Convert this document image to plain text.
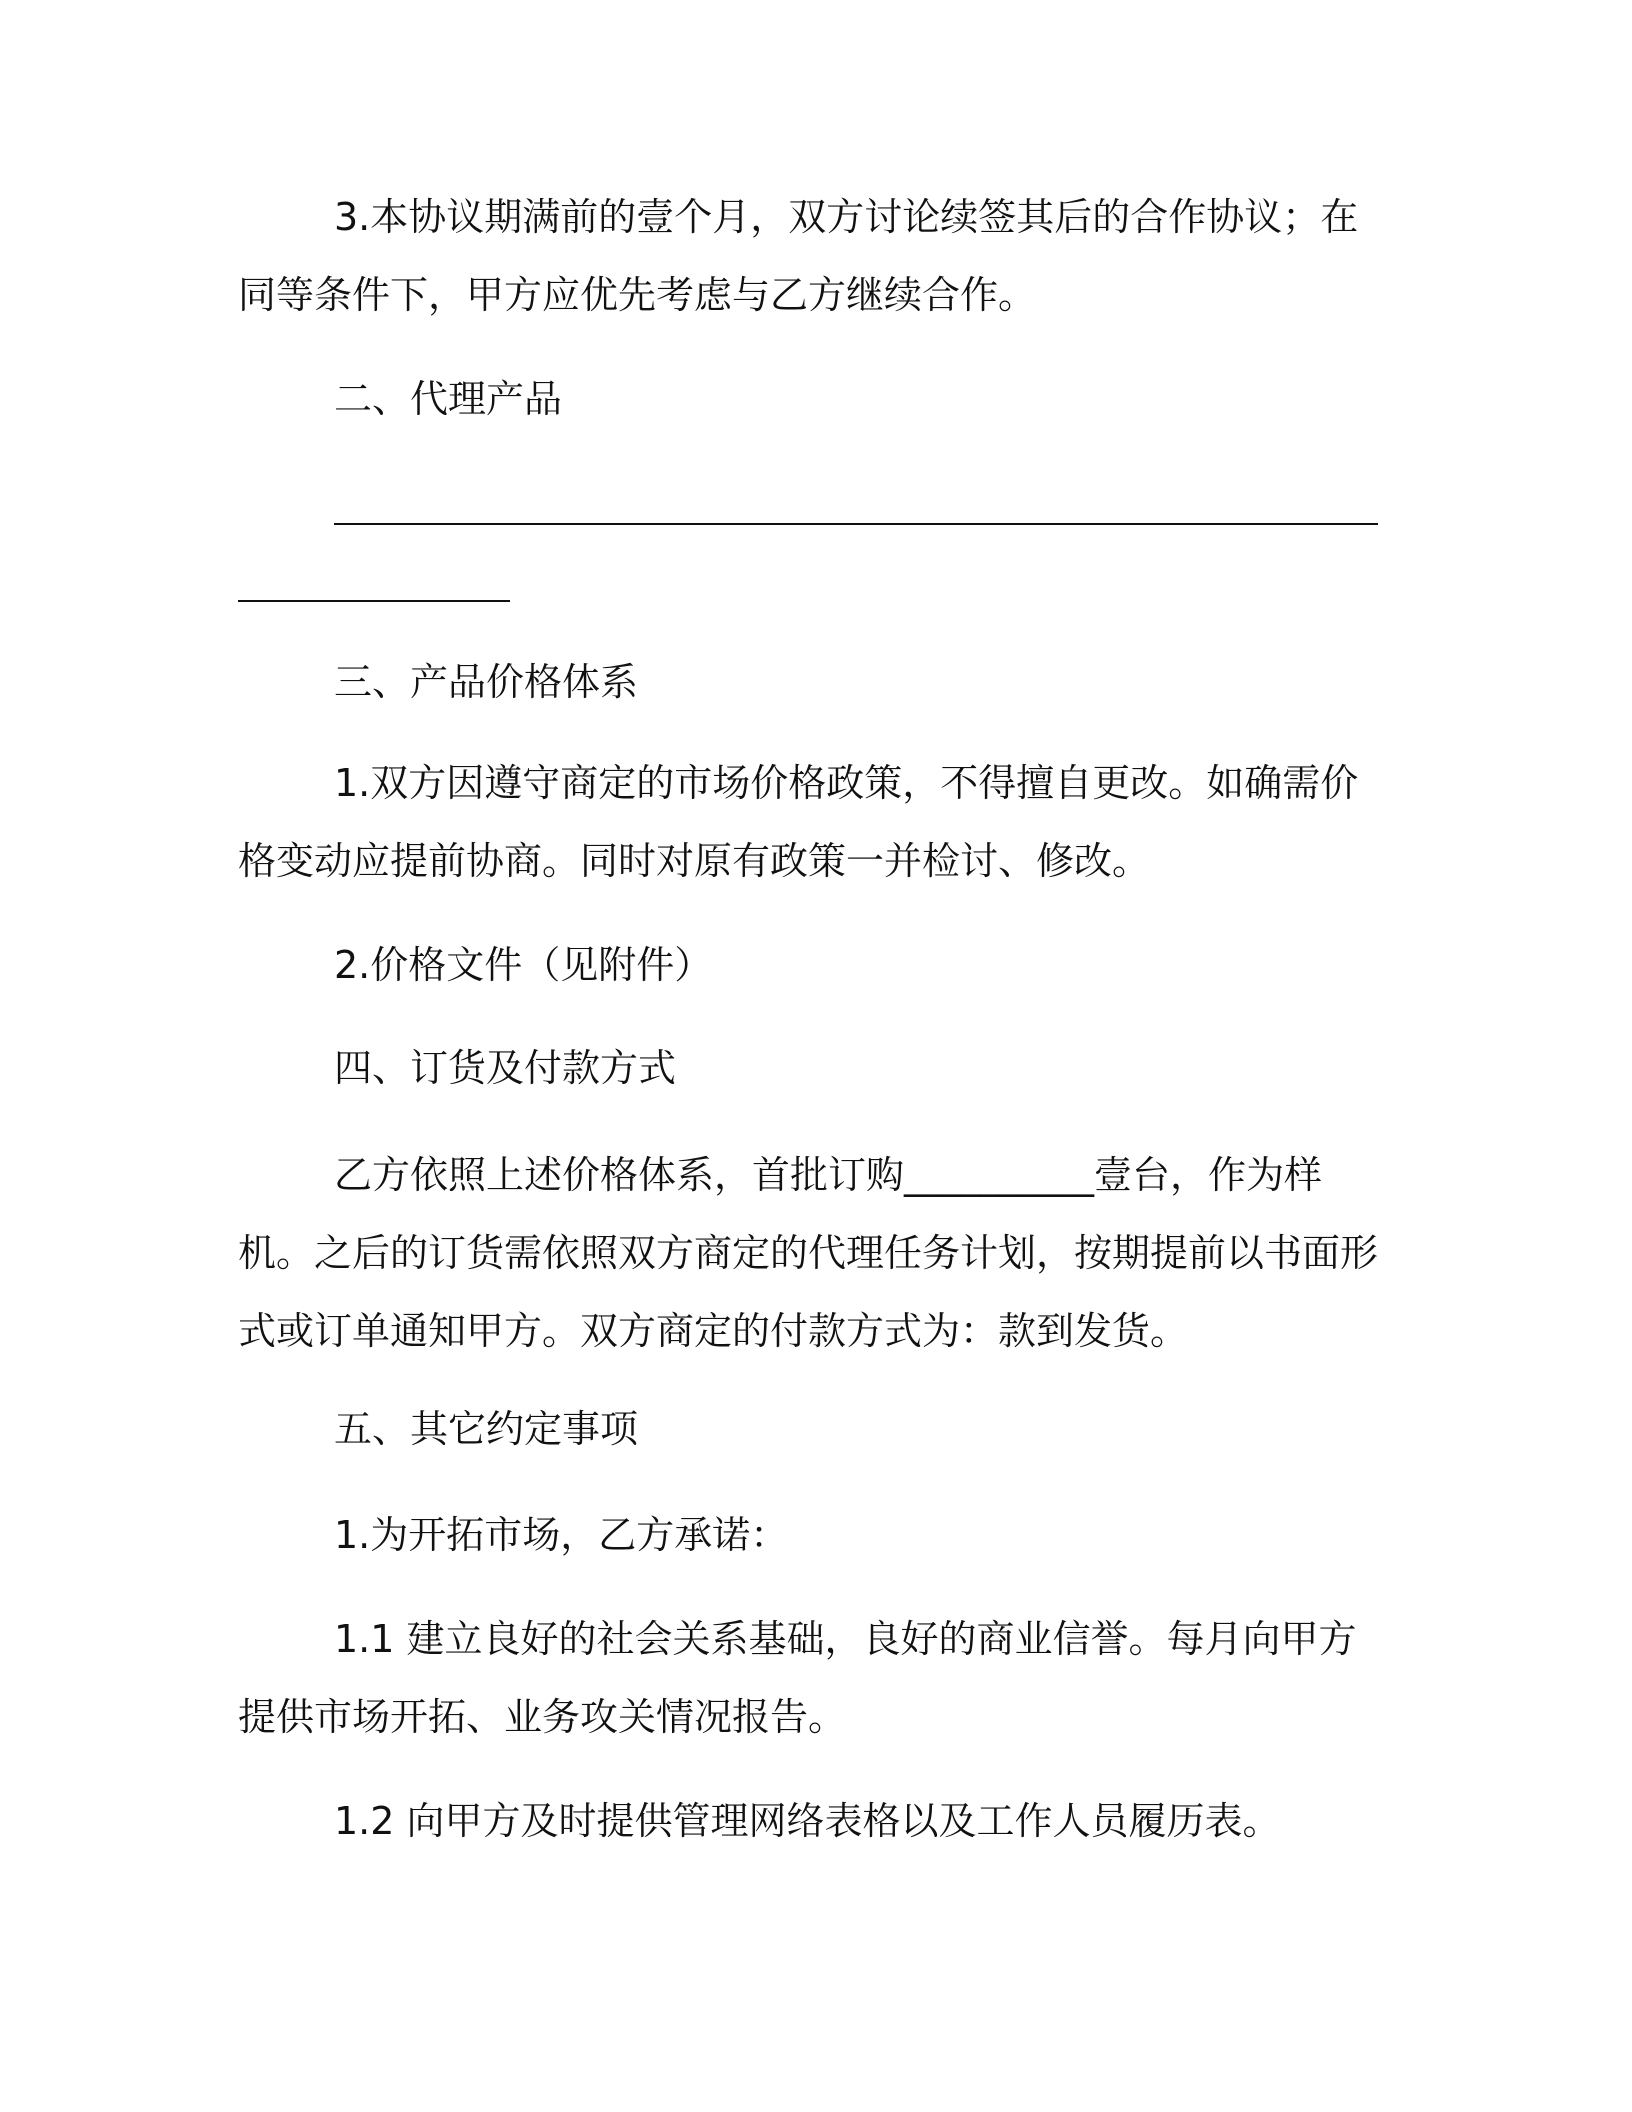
3.本协议期满前的壹个月，双方讨论续签其后的合作协议；在同等条件下，甲方应优先考虑与乙方继续合作。
二、代理产品
三、产品价格体系
1.双方因遵守商定的市场价格政策，不得擅自更改。如确需价格变动应提前协商。同时对原有政策一并检讨、修改。
2.价格文件（见附件）
四、订货及付款方式
乙方依照上述价格体系，首批订购__________壹台，作为样机。之后的订货需依照双方商定的代理任务计划，按期提前以书面形式或订单通知甲方。双方商定的付款方式为：款到发货。
五、其它约定事项
1.为开拓市场，乙方承诺：
1.1 建立良好的社会关系基础，良好的商业信誉。每月向甲方提供市场开拓、业务攻关情况报告。
1.2 向甲方及时提供管理网络表格以及工作人员履历表。
